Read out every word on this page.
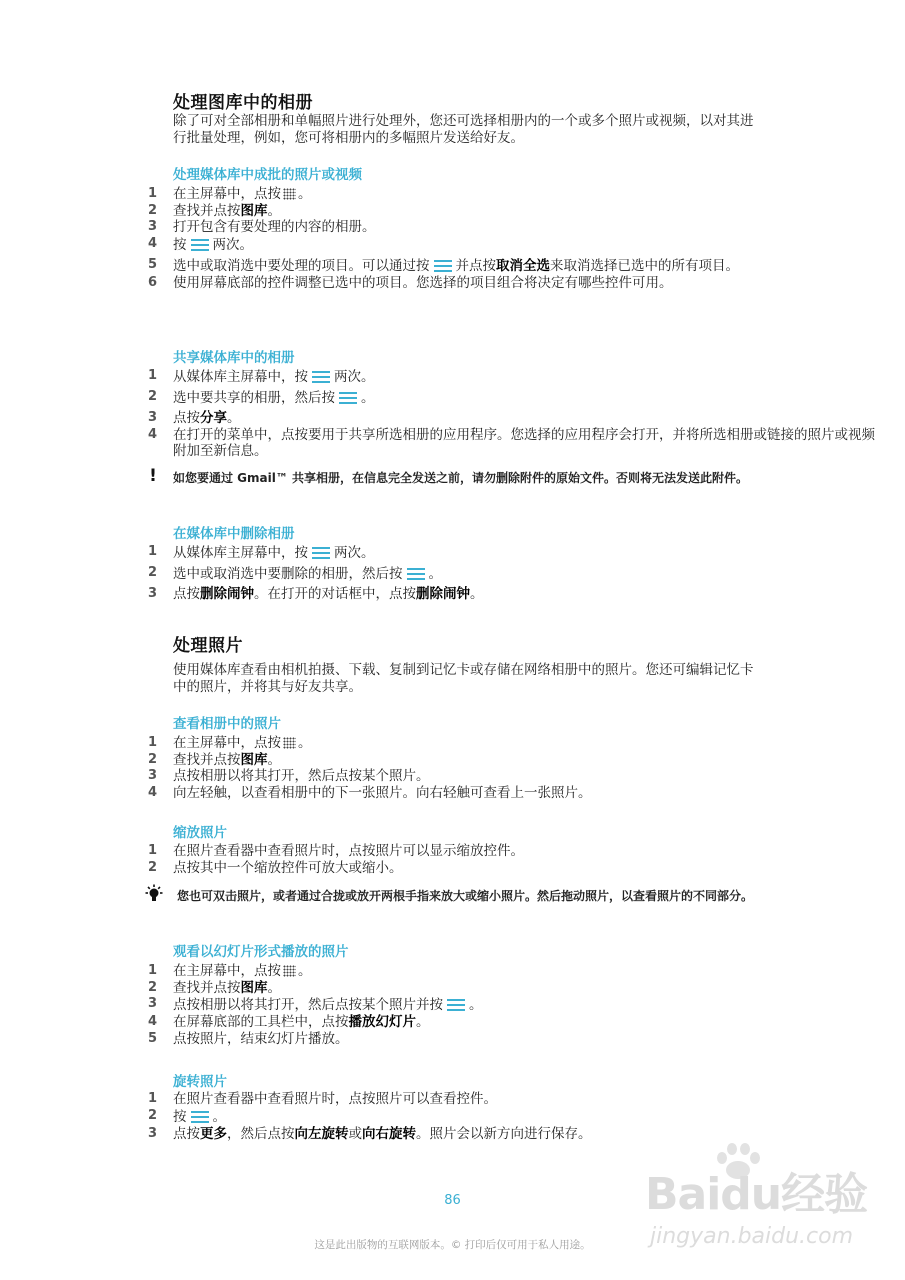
处理图库中的相册
除了可对全部相册和单幅照片进行处理外，您还可选择相册内的一个或多个照片或视频，以对其进行批量处理，例如，您可将相册内的多幅照片发送给好友。
处理媒体库中成批的照片或视频
1 在主屏幕中，点按 。
2 查找并点按图库。
3 打开包含有要处理的内容的相册。
4 按 两次。
5 选中或取消选中要处理的项目。可以通过按 并点按取消全选来取消选择已选中的所有项目。
6 使用屏幕底部的控件调整已选中的项目。您选择的项目组合将决定有哪些控件可用。
共享媒体库中的相册
1 从媒体库主屏幕中，按 两次。
2 选中要共享的相册，然后按 。
3 点按分享。
4 在打开的菜单中，点按要用于共享所选相册的应用程序。您选择的应用程序会打开，并将所选相册或链接的照片或视频附加至新信息。
!	如您要通过 Gmail™ 共享相册，在信息完全发送之前，请勿删除附件的原始文件。否则将无法发送此附件。
在媒体库中删除相册
1 从媒体库主屏幕中，按 两次。
2 选中或取消选中要删除的相册，然后按 。
3 点按删除闹钟。在打开的对话框中，点按删除闹钟。
处理照片
使用媒体库查看由相机拍摄、下载、复制到记忆卡或存储在网络相册中的照片。您还可编辑记忆卡中的照片，并将其与好友共享。
查看相册中的照片
1 在主屏幕中，点按 。
2 查找并点按图库。
3 点按相册以将其打开，然后点按某个照片。
4 向左轻触，以查看相册中的下一张照片。向右轻触可查看上一张照片。
缩放照片
1 在照片查看器中查看照片时，点按照片可以显示缩放控件。
2 点按其中一个缩放控件可放大或缩小。
您也可双击照片，或者通过合拢或放开两根手指来放大或缩小照片。然后拖动照片，以查看照片的不同部分。
观看以幻灯片形式播放的照片
1 在主屏幕中，点按 。
2 查找并点按图库。
3 点按相册以将其打开，然后点按某个照片并按 。
4 在屏幕底部的工具栏中，点按播放幻灯片。
5 点按照片，结束幻灯片播放。
旋转照片
1 在照片查看器中查看照片时，点按照片可以查看控件。
2 按 。
3 点按更多，然后点按向左旋转或向右旋转。照片会以新方向进行保存。
86
这是此出版物的互联网版本。© 打印后仅可用于私人用途。
Baidu经验
jingyan.baidu.com
